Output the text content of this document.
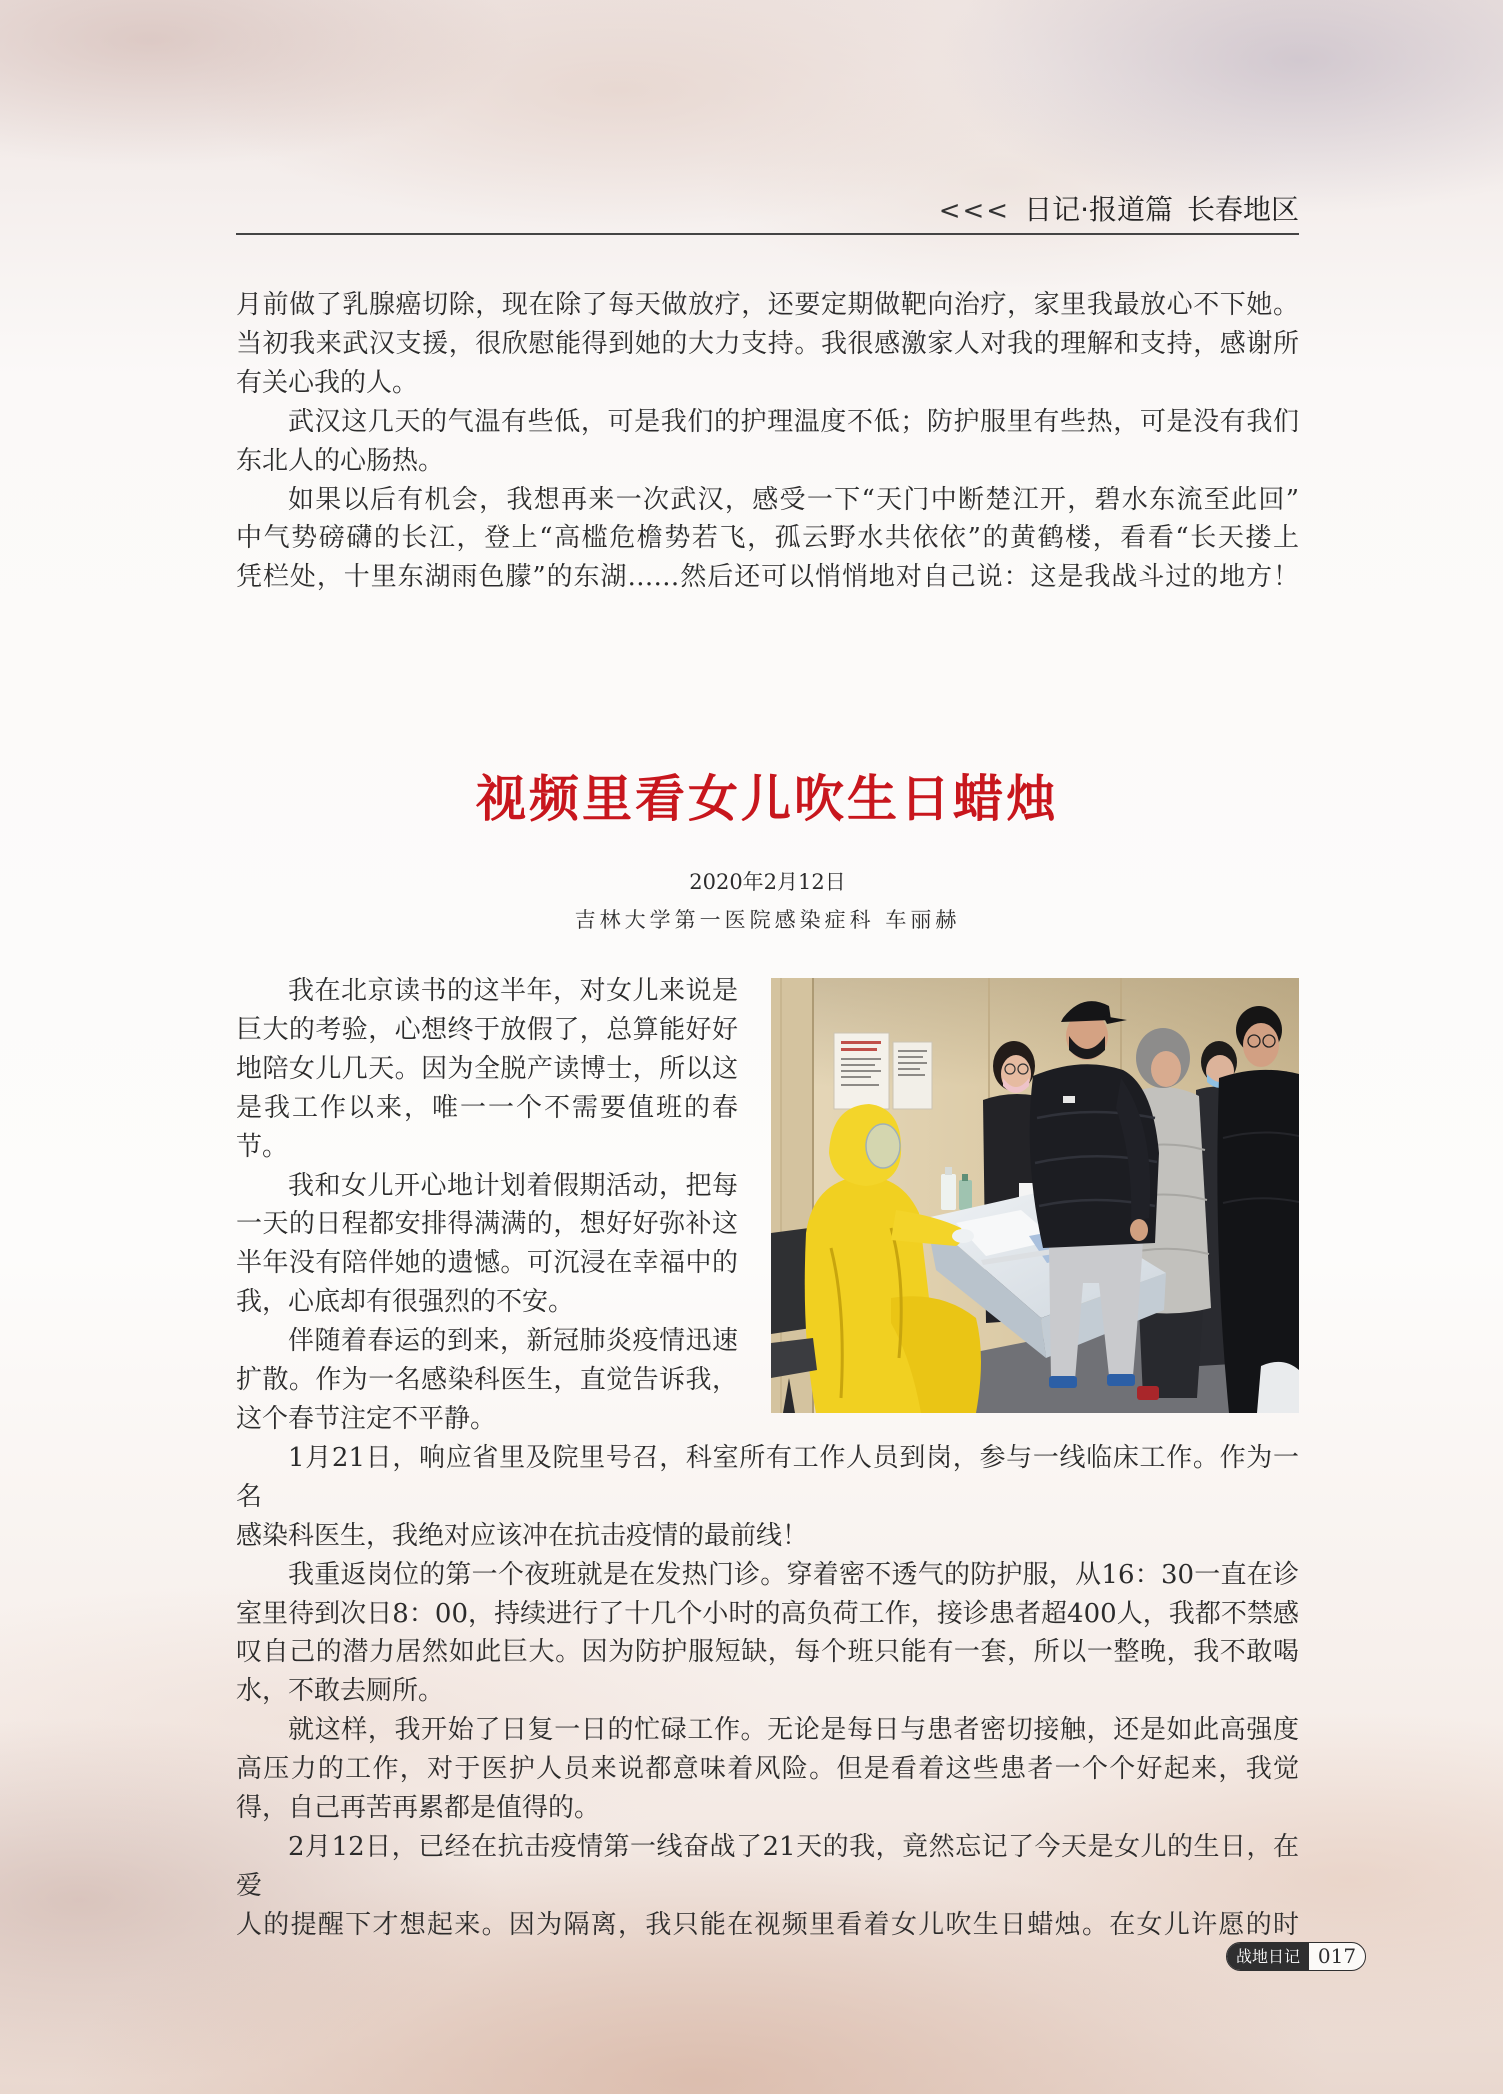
<<< 日记·报道篇 长春地区
月前做了乳腺癌切除，现在除了每天做放疗，还要定期做靶向治疗，家里我最放心不下她。
当初我来武汉支援，很欣慰能得到她的大力支持。我很感激家人对我的理解和支持，感谢所
有关心我的人。
武汉这几天的气温有些低，可是我们的护理温度不低；防护服里有些热，可是没有我们
东北人的心肠热。
如果以后有机会，我想再来一次武汉，感受一下“天门中断楚江开，碧水东流至此回”
中气势磅礴的长江，登上“高槛危檐势若飞，孤云野水共依依”的黄鹤楼，看看“长天搂上
凭栏处，十里东湖雨色朦”的东湖……然后还可以悄悄地对自己说：这是我战斗过的地方！
视频里看女儿吹生日蜡烛
2020年2月12日
吉林大学第一医院感染症科 车丽赫
我在北京读书的这半年，对女儿来说是
巨大的考验，心想终于放假了，总算能好好
地陪女儿几天。因为全脱产读博士，所以这
是我工作以来，唯一一个不需要值班的春
节。
我和女儿开心地计划着假期活动，把每
一天的日程都安排得满满的，想好好弥补这
半年没有陪伴她的遗憾。可沉浸在幸福中的
我，心底却有很强烈的不安。
伴随着春运的到来，新冠肺炎疫情迅速
扩散。作为一名感染科医生，直觉告诉我，
这个春节注定不平静。
1月21日，响应省里及院里号召，科室所有工作人员到岗，参与一线临床工作。作为一名
感染科医生，我绝对应该冲在抗击疫情的最前线！
我重返岗位的第一个夜班就是在发热门诊。穿着密不透气的防护服，从16：30一直在诊
室里待到次日8：00，持续进行了十几个小时的高负荷工作，接诊患者超400人，我都不禁感
叹自己的潜力居然如此巨大。因为防护服短缺，每个班只能有一套，所以一整晚，我不敢喝
水，不敢去厕所。
就这样，我开始了日复一日的忙碌工作。无论是每日与患者密切接触，还是如此高强度
高压力的工作，对于医护人员来说都意味着风险。但是看着这些患者一个个好起来，我觉
得，自己再苦再累都是值得的。
2月12日，已经在抗击疫情第一线奋战了21天的我，竟然忘记了今天是女儿的生日，在爱
人的提醒下才想起来。因为隔离，我只能在视频里看着女儿吹生日蜡烛。在女儿许愿的时
战地日记 017
